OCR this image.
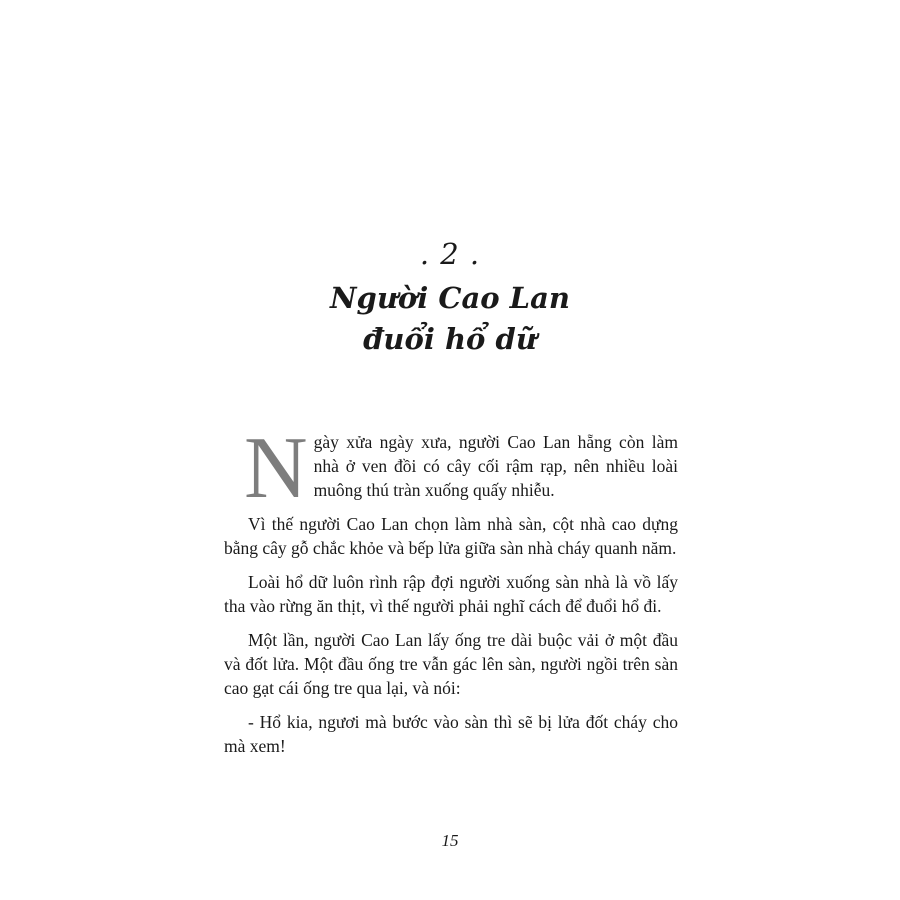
. 2 .
Người Cao Lan
đuổi hổ dữ

Ngày xửa ngày xưa, người Cao Lan hẵng còn làm nhà ở ven đồi có cây cối rậm rạp, nên nhiều loài muông thú tràn xuống quấy nhiễu.

Vì thế người Cao Lan chọn làm nhà sàn, cột nhà cao dựng bằng cây gỗ chắc khỏe và bếp lửa giữa sàn nhà cháy quanh năm.

Loài hổ dữ luôn rình rập đợi người xuống sàn nhà là vồ lấy tha vào rừng ăn thịt, vì thế người phải nghĩ cách để đuổi hổ đi.

Một lần, người Cao Lan lấy ống tre dài buộc vải ở một đầu và đốt lửa. Một đầu ống tre vẫn gác lên sàn, người ngồi trên sàn cao gạt cái ống tre qua lại, và nói:

- Hổ kia, ngươi mà bước vào sàn thì sẽ bị lửa đốt cháy cho mà xem!

15
